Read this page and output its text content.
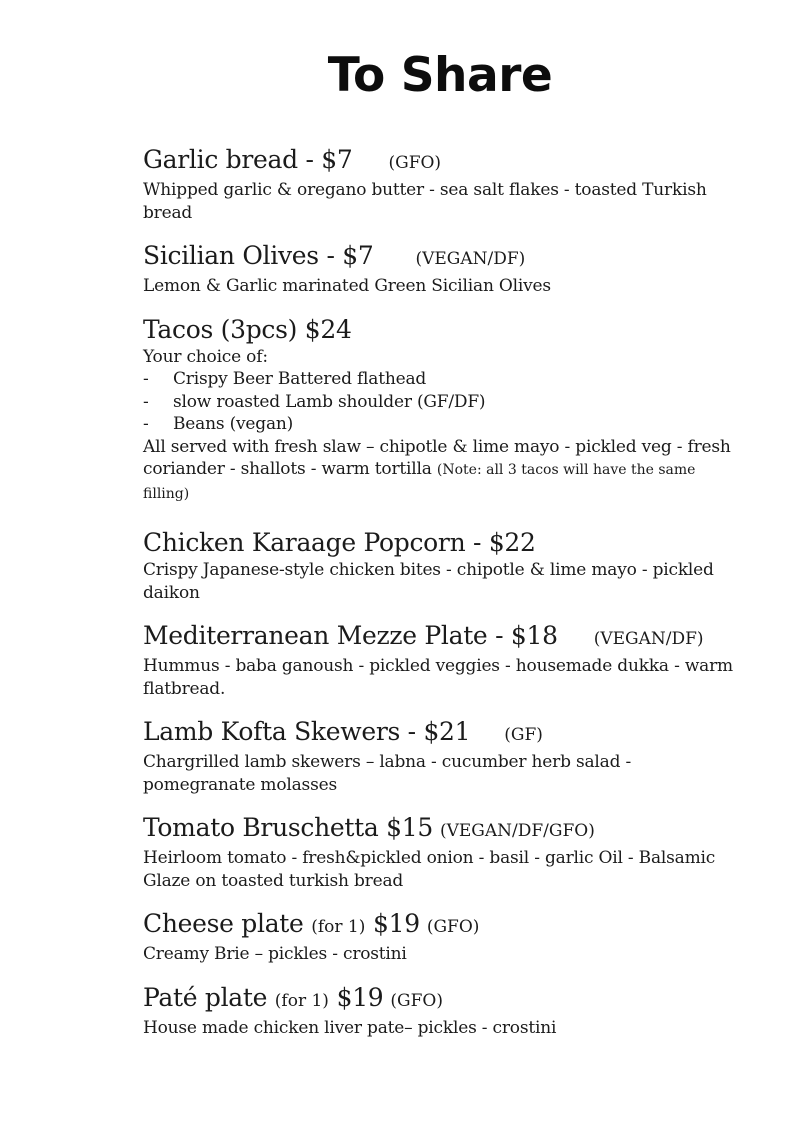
To Share

Garlic bread - $7 (GFO)

Whipped garlic & oregano butter - sea salt flakes - toasted Turkish bread

Sicilian Olives - $7 (VEGAN/DF)

Lemon & Garlic marinated Green Sicilian Olives

Tacos (3pcs) $24

Your choice of:

- Crispy Beer Battered flathead
- slow roasted Lamb shoulder (GF/DF)
- Beans (vegan)

All served with fresh slaw – chipotle & lime mayo - pickled veg - fresh coriander - shallots - warm tortilla (Note: all 3 tacos will have the same filling)

Chicken Karaage Popcorn - $22

Crispy Japanese-style chicken bites - chipotle & lime mayo - pickled daikon

Mediterranean Mezze Plate - $18 (VEGAN/DF)

Hummus - baba ganoush - pickled veggies - housemade dukka - warm flatbread.

Lamb Kofta Skewers - $21 (GF)

Chargrilled lamb skewers – labna - cucumber herb salad - pomegranate molasses

Tomato Bruschetta $15 (VEGAN/DF/GFO)

Heirloom tomato - fresh&pickled onion - basil - garlic Oil - Balsamic Glaze on toasted turkish bread

Cheese plate (for 1) $19 (GFO)

Creamy Brie – pickles - crostini

Paté plate (for 1) $19 (GFO)

House made chicken liver pate– pickles - crostini
